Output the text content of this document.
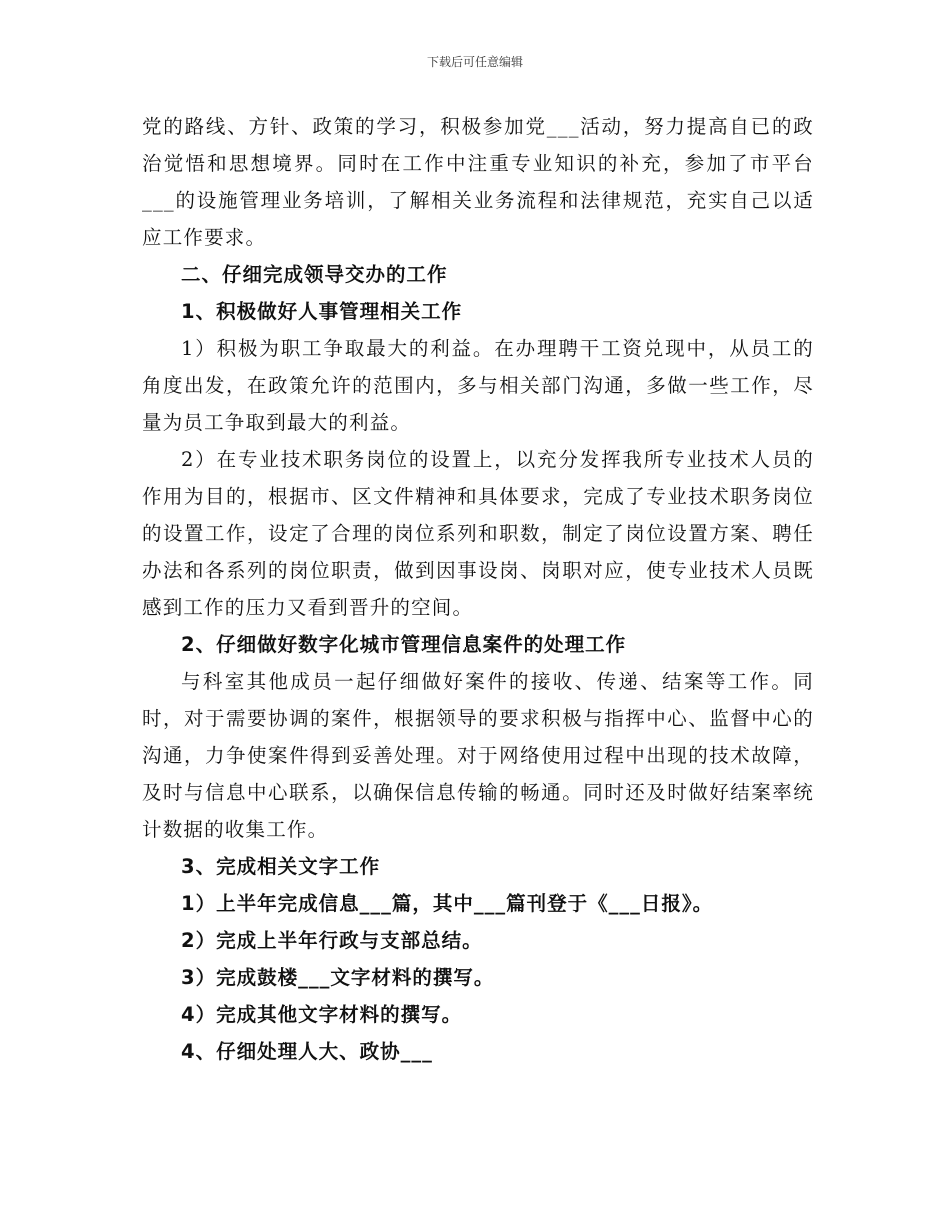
下载后可任意编辑

党的路线、方针、政策的学习，积极参加党___活动，努力提高自已的政治觉悟和思想境界。同时在工作中注重专业知识的补充，参加了市平台___的设施管理业务培训，了解相关业务流程和法律规范，充实自己以适应工作要求。

二、仔细完成领导交办的工作

1、积极做好人事管理相关工作

1）积极为职工争取最大的利益。在办理聘干工资兑现中，从员工的角度出发，在政策允许的范围内，多与相关部门沟通，多做一些工作，尽量为员工争取到最大的利益。

2）在专业技术职务岗位的设置上，以充分发挥我所专业技术人员的作用为目的，根据市、区文件精神和具体要求，完成了专业技术职务岗位的设置工作，设定了合理的岗位系列和职数，制定了岗位设置方案、聘任办法和各系列的岗位职责，做到因事设岗、岗职对应，使专业技术人员既感到工作的压力又看到晋升的空间。

2、仔细做好数字化城市管理信息案件的处理工作

与科室其他成员一起仔细做好案件的接收、传递、结案等工作。同时，对于需要协调的案件，根据领导的要求积极与指挥中心、监督中心的沟通，力争使案件得到妥善处理。对于网络使用过程中出现的技术故障，及时与信息中心联系，以确保信息传输的畅通。同时还及时做好结案率统计数据的收集工作。

3、完成相关文字工作

1）上半年完成信息___篇，其中___篇刊登于《___日报》。

2）完成上半年行政与支部总结。

3）完成鼓楼___文字材料的撰写。

4）完成其他文字材料的撰写。

4、仔细处理人大、政协___
